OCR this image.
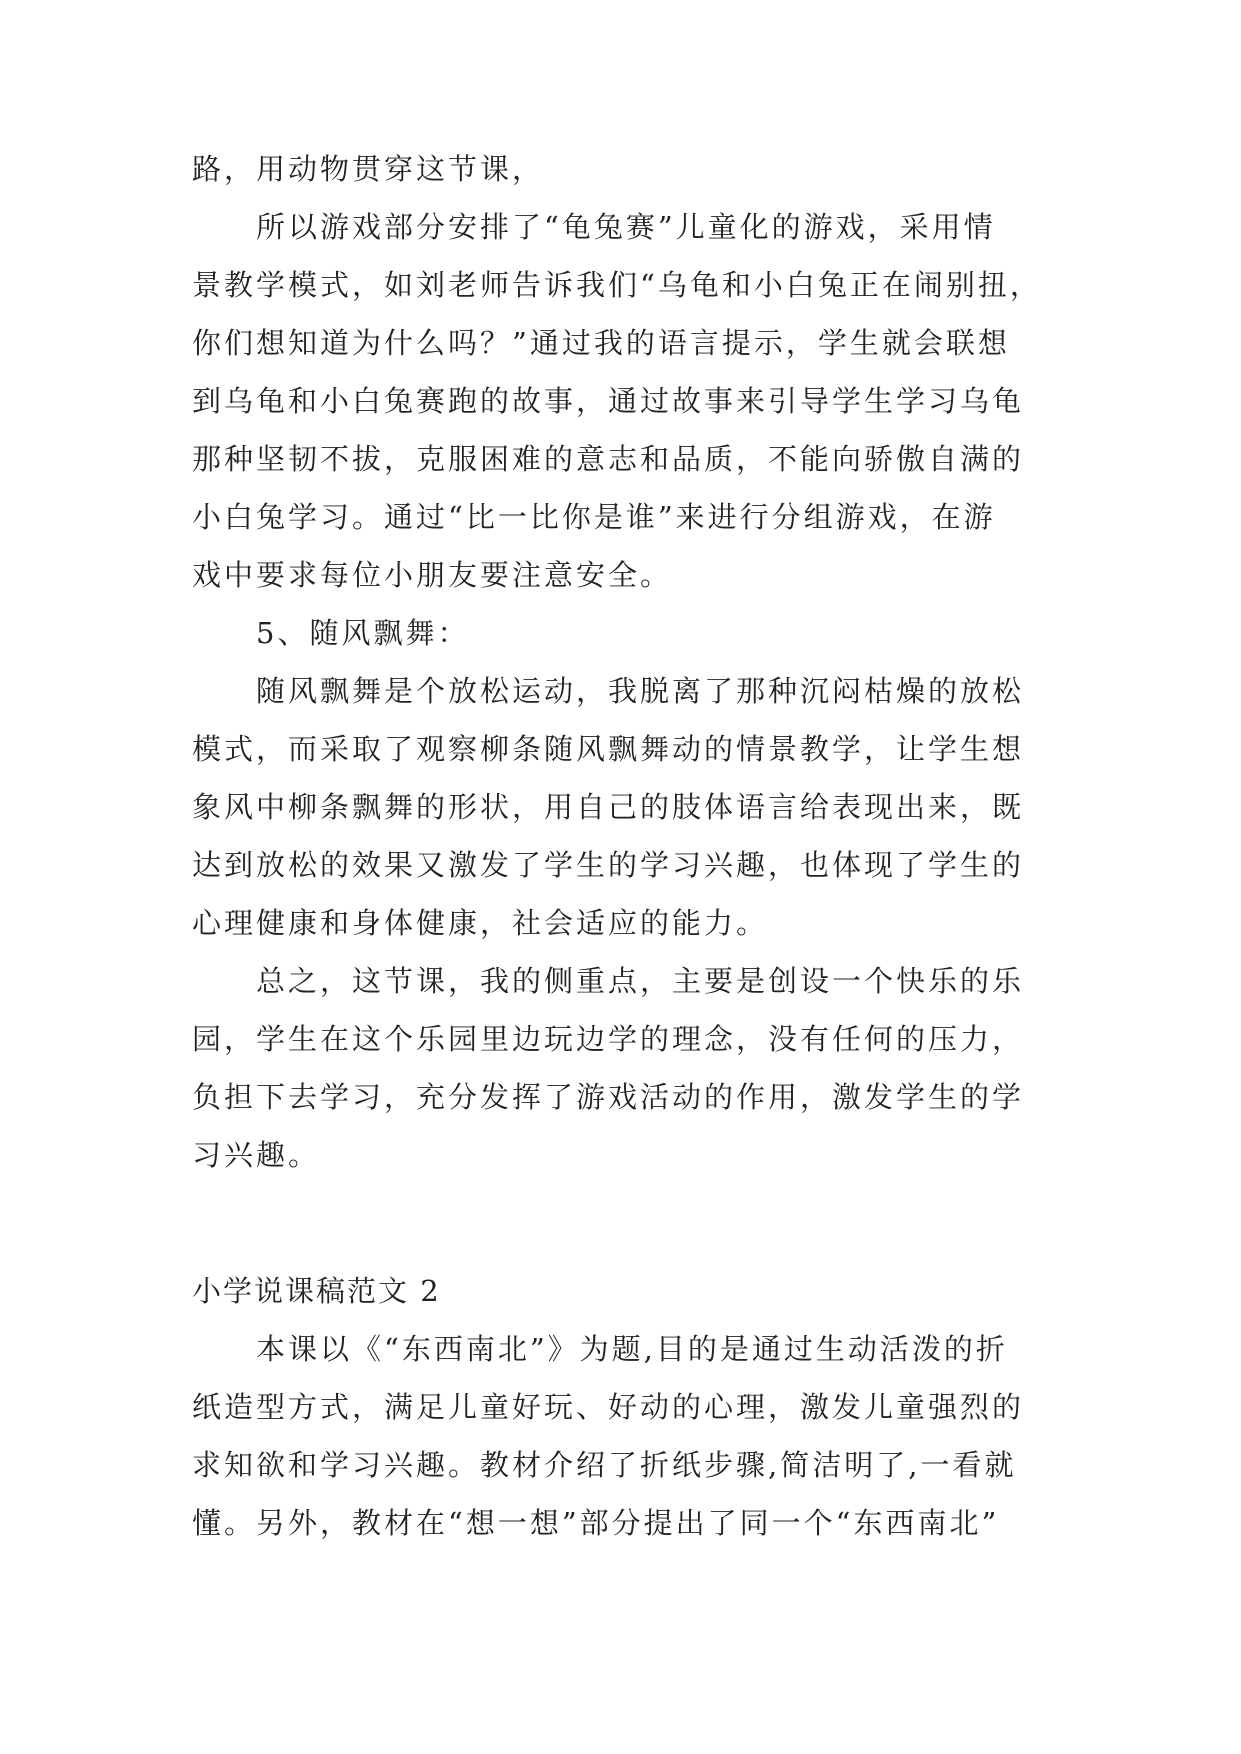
路，用动物贯穿这节课，
所以游戏部分安排了“龟兔赛”儿童化的游戏，采用情
景教学模式，如刘老师告诉我们“乌龟和小白兔正在闹别扭，
你们想知道为什么吗？”通过我的语言提示，学生就会联想
到乌龟和小白兔赛跑的故事，通过故事来引导学生学习乌龟
那种坚韧不拔，克服困难的意志和品质，不能向骄傲自满的
小白兔学习。通过“比一比你是谁”来进行分组游戏，在游
戏中要求每位小朋友要注意安全。
5、随风飘舞：
随风飘舞是个放松运动，我脱离了那种沉闷枯燥的放松
模式，而采取了观察柳条随风飘舞动的情景教学，让学生想
象风中柳条飘舞的形状，用自己的肢体语言给表现出来，既
达到放松的效果又激发了学生的学习兴趣，也体现了学生的
心理健康和身体健康，社会适应的能力。
总之，这节课，我的侧重点，主要是创设一个快乐的乐
园，学生在这个乐园里边玩边学的理念，没有任何的压力，
负担下去学习，充分发挥了游戏活动的作用，激发学生的学
习兴趣。
小学说课稿范文 2
本课以《“东西南北”》为题,目的是通过生动活泼的折
纸造型方式，满足儿童好玩、好动的心理，激发儿童强烈的
求知欲和学习兴趣。教材介绍了折纸步骤,简洁明了,一看就
懂。另外，教材在“想一想”部分提出了同一个“东西南北”
